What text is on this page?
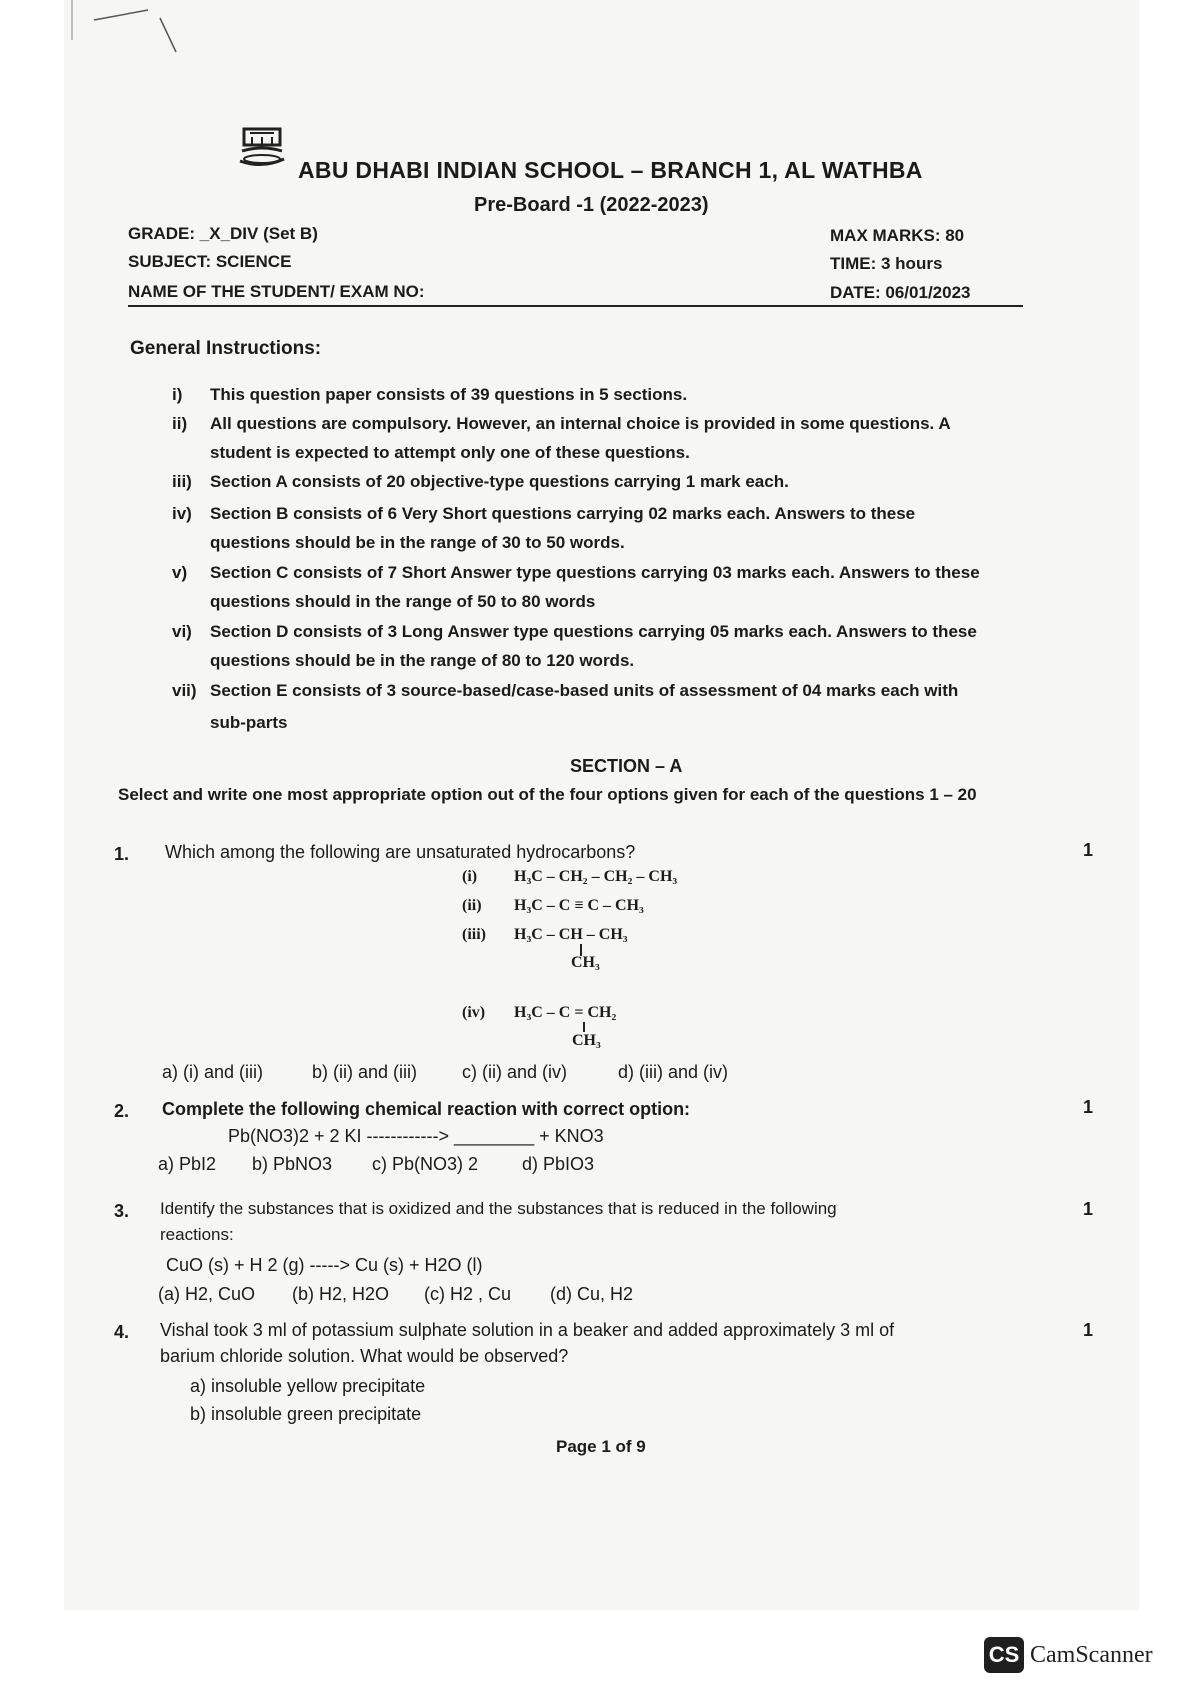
ABU DHABI INDIAN SCHOOL – BRANCH 1, AL WATHBA
Pre-Board -1 (2022-2023)
GRADE: _X_DIV (Set B)
SUBJECT: SCIENCE
NAME OF THE STUDENT/ EXAM NO:
MAX MARKS: 80
TIME: 3 hours
DATE: 06/01/2023
General Instructions:
i) This question paper consists of 39 questions in 5 sections.
ii) All questions are compulsory. However, an internal choice is provided in some questions. A
student is expected to attempt only one of these questions.
iii) Section A consists of 20 objective-type questions carrying 1 mark each.
iv) Section B consists of 6 Very Short questions carrying 02 marks each. Answers to these
questions should be in the range of 30 to 50 words.
v) Section C consists of 7 Short Answer type questions carrying 03 marks each. Answers to these
questions should in the range of 50 to 80 words
vi) Section D consists of 3 Long Answer type questions carrying 05 marks each. Answers to these
questions should be in the range of 80 to 120 words.
vii) Section E consists of 3 source-based/case-based units of assessment of 04 marks each with
sub-parts
SECTION – A
Select and write one most appropriate option out of the four options given for each of the questions 1 – 20
1. Which among the following are unsaturated hydrocarbons?	1
(i) H₃C – CH₂ – CH₂ – CH₃
(ii) H₃C – C ≡ C – CH₃
(iii) H₃C – CH – CH₃
CH₃
(iv) H₃C – C = CH₂
CH₃
a) (i) and (iii)	b) (ii) and (iii) c) (ii) and (iv)	d) (iii) and (iv)
2. Complete the following chemical reaction with correct option:	1
Pb(NO3)2 + 2 KI ------------> ________ + KNO3
a) PbI2 b) PbNO3 c) Pb(NO3) 2 d) PbIO3
3. Identify the substances that is oxidized and the substances that is reduced in the following
reactions:
1
CuO (s) + H 2 (g) -----> Cu (s) + H2O (l)
(a) H2, CuO (b) H2, H2O (c) H2 , Cu (d) Cu, H2
4. Vishal took 3 ml of potassium sulphate solution in a beaker and added approximately 3 ml of
barium chloride solution. What would be observed?
1
a) insoluble yellow precipitate
b) insoluble green precipitate
Page 1 of 9
CS CamScanner
